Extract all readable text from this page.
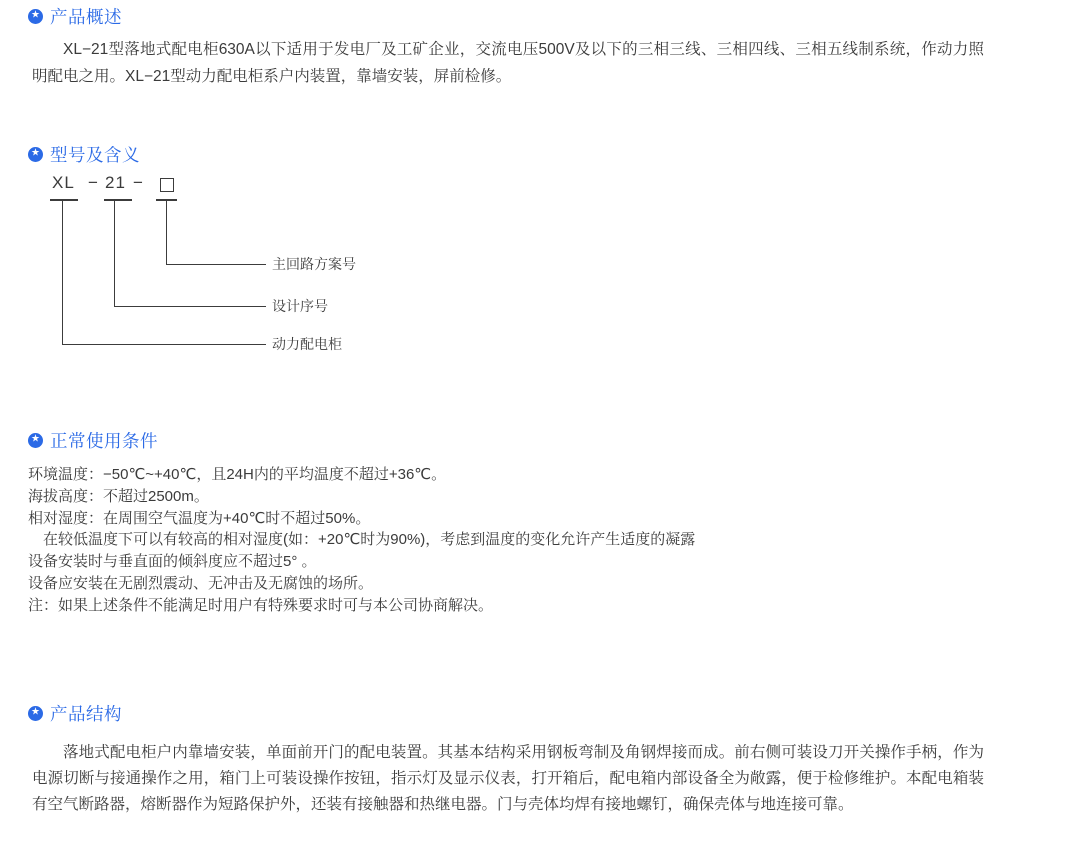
★ 产品概述

XL−21型落地式配电柜630A以下适用于发电厂及工矿企业，交流电压500V及以下的三相三线、三相四线、三相五线制系统，作动力照明配电之用。XL−21型动力配电柜系户内装置，靠墙安装，屏前检修。

★ 型号及含义
XL − 21 −
主回路方案号
设计序号
动力配电柜
★ 正常使用条件
环境温度：−50℃~+40℃，且24H内的平均温度不超过+36℃。
海拔高度：不超过2500m。
相对湿度：在周围空气温度为+40℃时不超过50%。
在较低温度下可以有较高的相对湿度(如：+20℃时为90%)，考虑到温度的变化允许产生适度的凝露
设备安装时与垂直面的倾斜度应不超过5° 。
设备应安装在无剧烈震动、无冲击及无腐蚀的场所。
注：如果上述条件不能满足时用户有特殊要求时可与本公司协商解决。
★ 产品结构

落地式配电柜户内靠墙安装，单面前开门的配电装置。其基本结构采用钢板弯制及角钢焊接而成。前右侧可装设刀开关操作手柄，作为电源切断与接通操作之用，箱门上可装设操作按钮，指示灯及显示仪表，打开箱后，配电箱内部设备全为敞露，便于检修维护。本配电箱装有空气断路器，熔断器作为短路保护外，还装有接触器和热继电器。门与壳体均焊有接地螺钉，确保壳体与地连接可靠。
